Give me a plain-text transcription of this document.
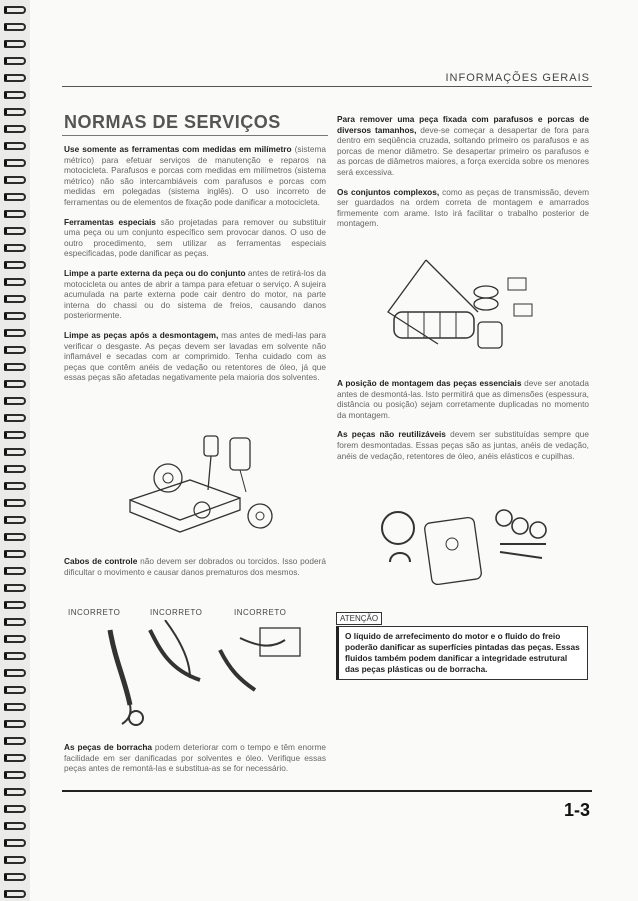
INFORMAÇÕES GERAIS
NORMAS DE SERVIÇOS

Use somente as ferramentas com medidas em milímetro (sistema métrico) para efetuar serviços de manutenção e reparos na motocicleta. Parafusos e porcas com medidas em milímetros (sistema métrico) não são intercambiáveis com parafusos e porcas com medidas em polegadas (sistema inglês). O uso incorreto de ferramentas ou de elementos de fixação pode danificar a motocicleta.

Ferramentas especiais são projetadas para remover ou substituir uma peça ou um conjunto específico sem provocar danos. O uso de outro procedimento, sem utilizar as ferramentas especiais especificadas, pode danificar as peças.

Limpe a parte externa da peça ou do conjunto antes de retirá-los da motocicleta ou antes de abrir a tampa para efetuar o serviço. A sujeira acumulada na parte externa pode cair dentro do motor, na parte interna do chassi ou do sistema de freios, causando danos posteriormente.

Limpe as peças após a desmontagem, mas antes de medi-las para verificar o desgaste. As peças devem ser lavadas em solvente não inflamável e secadas com ar comprimido. Tenha cuidado com as peças que contêm anéis de vedação ou retentores de óleo, já que essas peças são afetadas negativamente pela maioria dos solventes.

Cabos de controle não devem ser dobrados ou torcidos. Isso poderá dificultar o movimento e causar danos prematuros dos mesmos.

INCORRETO	INCORRETO	INCORRETO

As peças de borracha podem deteriorar com o tempo e têm enorme facilidade em ser danificadas por solventes e óleo. Verifique essas peças antes de remontá-las e substitua-as se for necessário.

Para remover uma peça fixada com parafusos e porcas de diversos tamanhos, deve-se começar a desapertar de fora para dentro em seqüência cruzada, soltando primeiro os parafusos e as porcas de menor diâmetro. Se desapertar primeiro os parafusos e as porcas de diâmetros maiores, a força exercida sobre os menores será excessiva.

Os conjuntos complexos, como as peças de transmissão, devem ser guardados na ordem correta de montagem e amarrados firmemente com arame. Isto irá facilitar o trabalho posterior de montagem.

A posição de montagem das peças essenciais deve ser anotada antes de desmontá-las. Isto permitirá que as dimensões (espessura, distância ou posição) sejam corretamente duplicadas no momento da montagem.

As peças não reutilizáveis devem ser substituídas sempre que forem desmontadas. Essas peças são as juntas, anéis de vedação, anéis de vedação, retentores de óleo, anéis elásticos e cupilhas.

ATENÇÃO
O líquido de arrefecimento do motor e o fluido do freio poderão danificar as superfícies pintadas das peças. Essas fluidos também podem danificar a integridade estrutural das peças plásticas ou de borracha.
1-3
